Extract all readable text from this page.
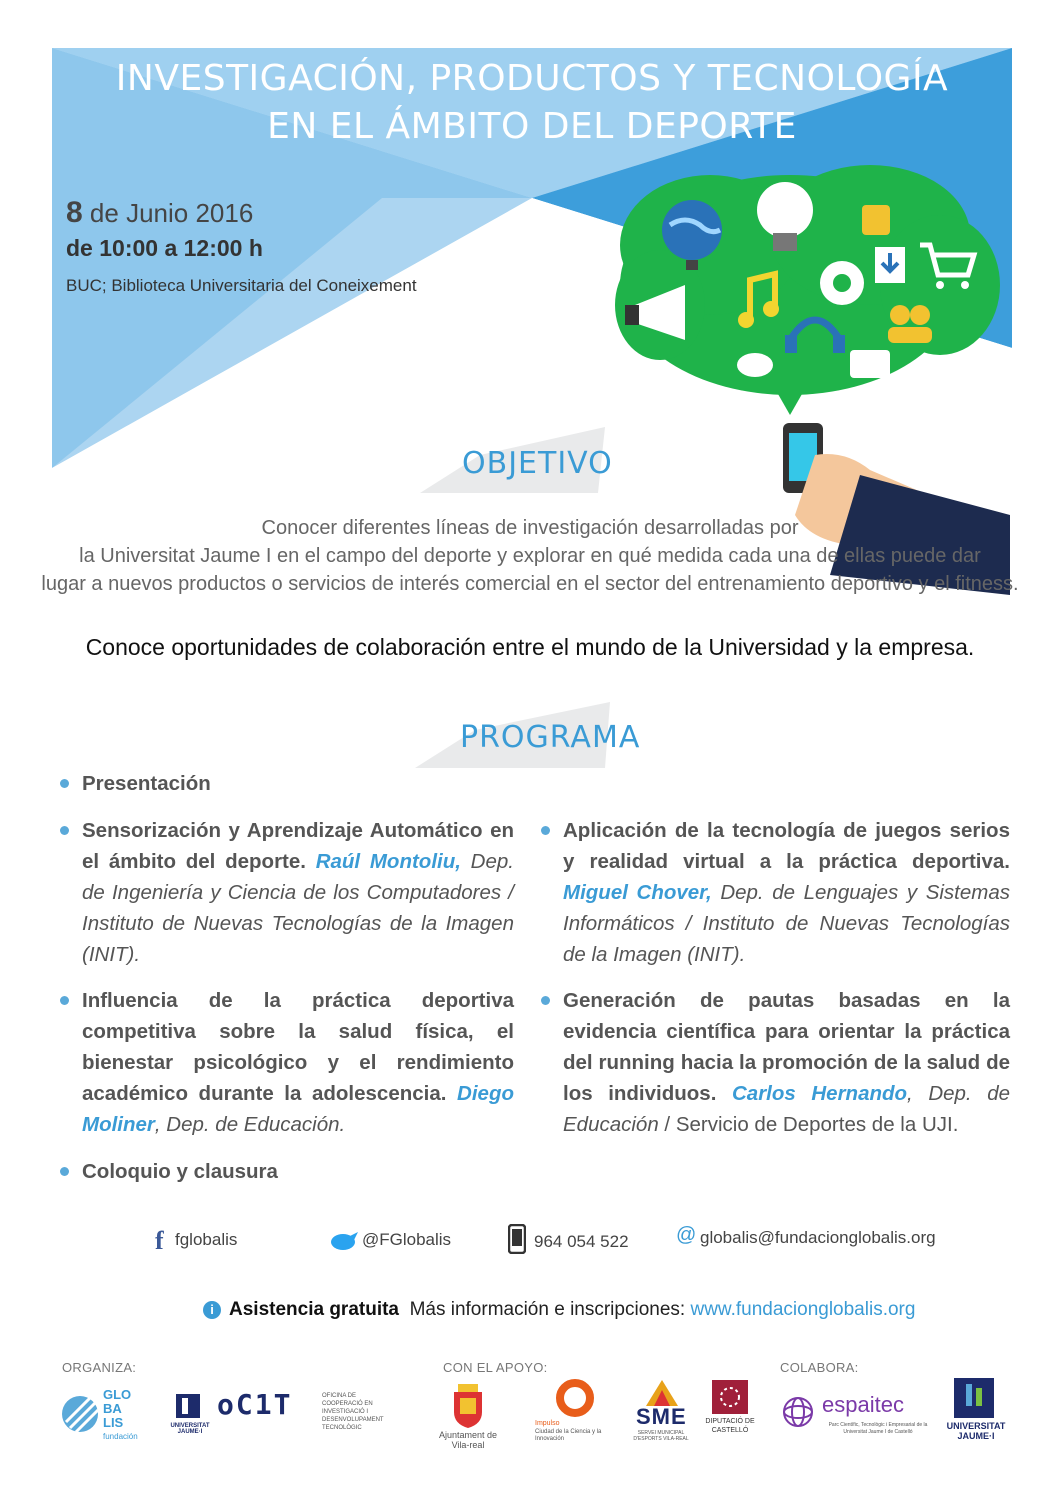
INVESTIGACIÓN, PRODUCTOS Y TECNOLOGÍA
EN EL ÁMBITO DEL DEPORTE
8 de Junio 2016
de 10:00 a 12:00 h
BUC; Biblioteca Universitaria del Coneixement
OBJETIVO

Conocer diferentes líneas de investigación desarrolladas por

la Universitat Jaume I en el campo del deporte y explorar en qué medida cada una de ellas puede dar

lugar a nuevos productos o servicios de interés comercial en el sector del entrenamiento deportivo y el fitness.

Conoce oportunidades de colaboración entre el mundo de la Universidad y la empresa.
PROGRAMA
Presentación
Sensorización y Aprendizaje Automático en el ámbito del deporte. Raúl Montoliu, Dep. de Ingeniería y Ciencia de los Computadores / Instituto de Nuevas Tecnologías de la Imagen (INIT).
Influencia de la práctica deportiva competitiva sobre la salud física, el bienestar psicológico y el rendimiento académico durante la adolescencia. Diego Moliner, Dep. de Educación.
Coloquio y clausura
Aplicación de la tecnología de juegos serios y realidad virtual a la práctica deportiva. Miguel Chover, Dep. de Lenguajes y Sistemas Informáticos / Instituto de Nuevas Tecnologías de la Imagen (INIT).
Generación de pautas basadas en la evidencia científica para orientar la práctica del running hacia la promoción de la salud de los individuos. Carlos Hernando, Dep. de Educación / Servicio de Deportes de la UJI.
f fglobalis	@FGlobalis	964 054 522 @ globalis@fundacionglobalis.org
i Asistencia gratuita Más información e inscripciones: www.fundacionglobalis.org
ORGANIZA:	CON EL APOYO:	COLABORA:
GLO
BA
LIS
fundación
UNIVERSITAT JAUME·I
oC1T	OFICINA DE COOPERACIÓ EN INVESTIGACIÓ I DESENVOLUPAMENT TECNOLÒGIC
Ajuntament de Vila-real
Impulso
Ciudad de la Ciencia y la Innovación
SME
SERVEI MUNICIPAL D'ESPORTS VILA-REAL
DIPUTACIÓ DE CASTELLÓ
espaitec
Parc Científic, Tecnològic i Empresarial de la Universitat Jaume I de Castelló
UNIVERSITAT JAUME·I
